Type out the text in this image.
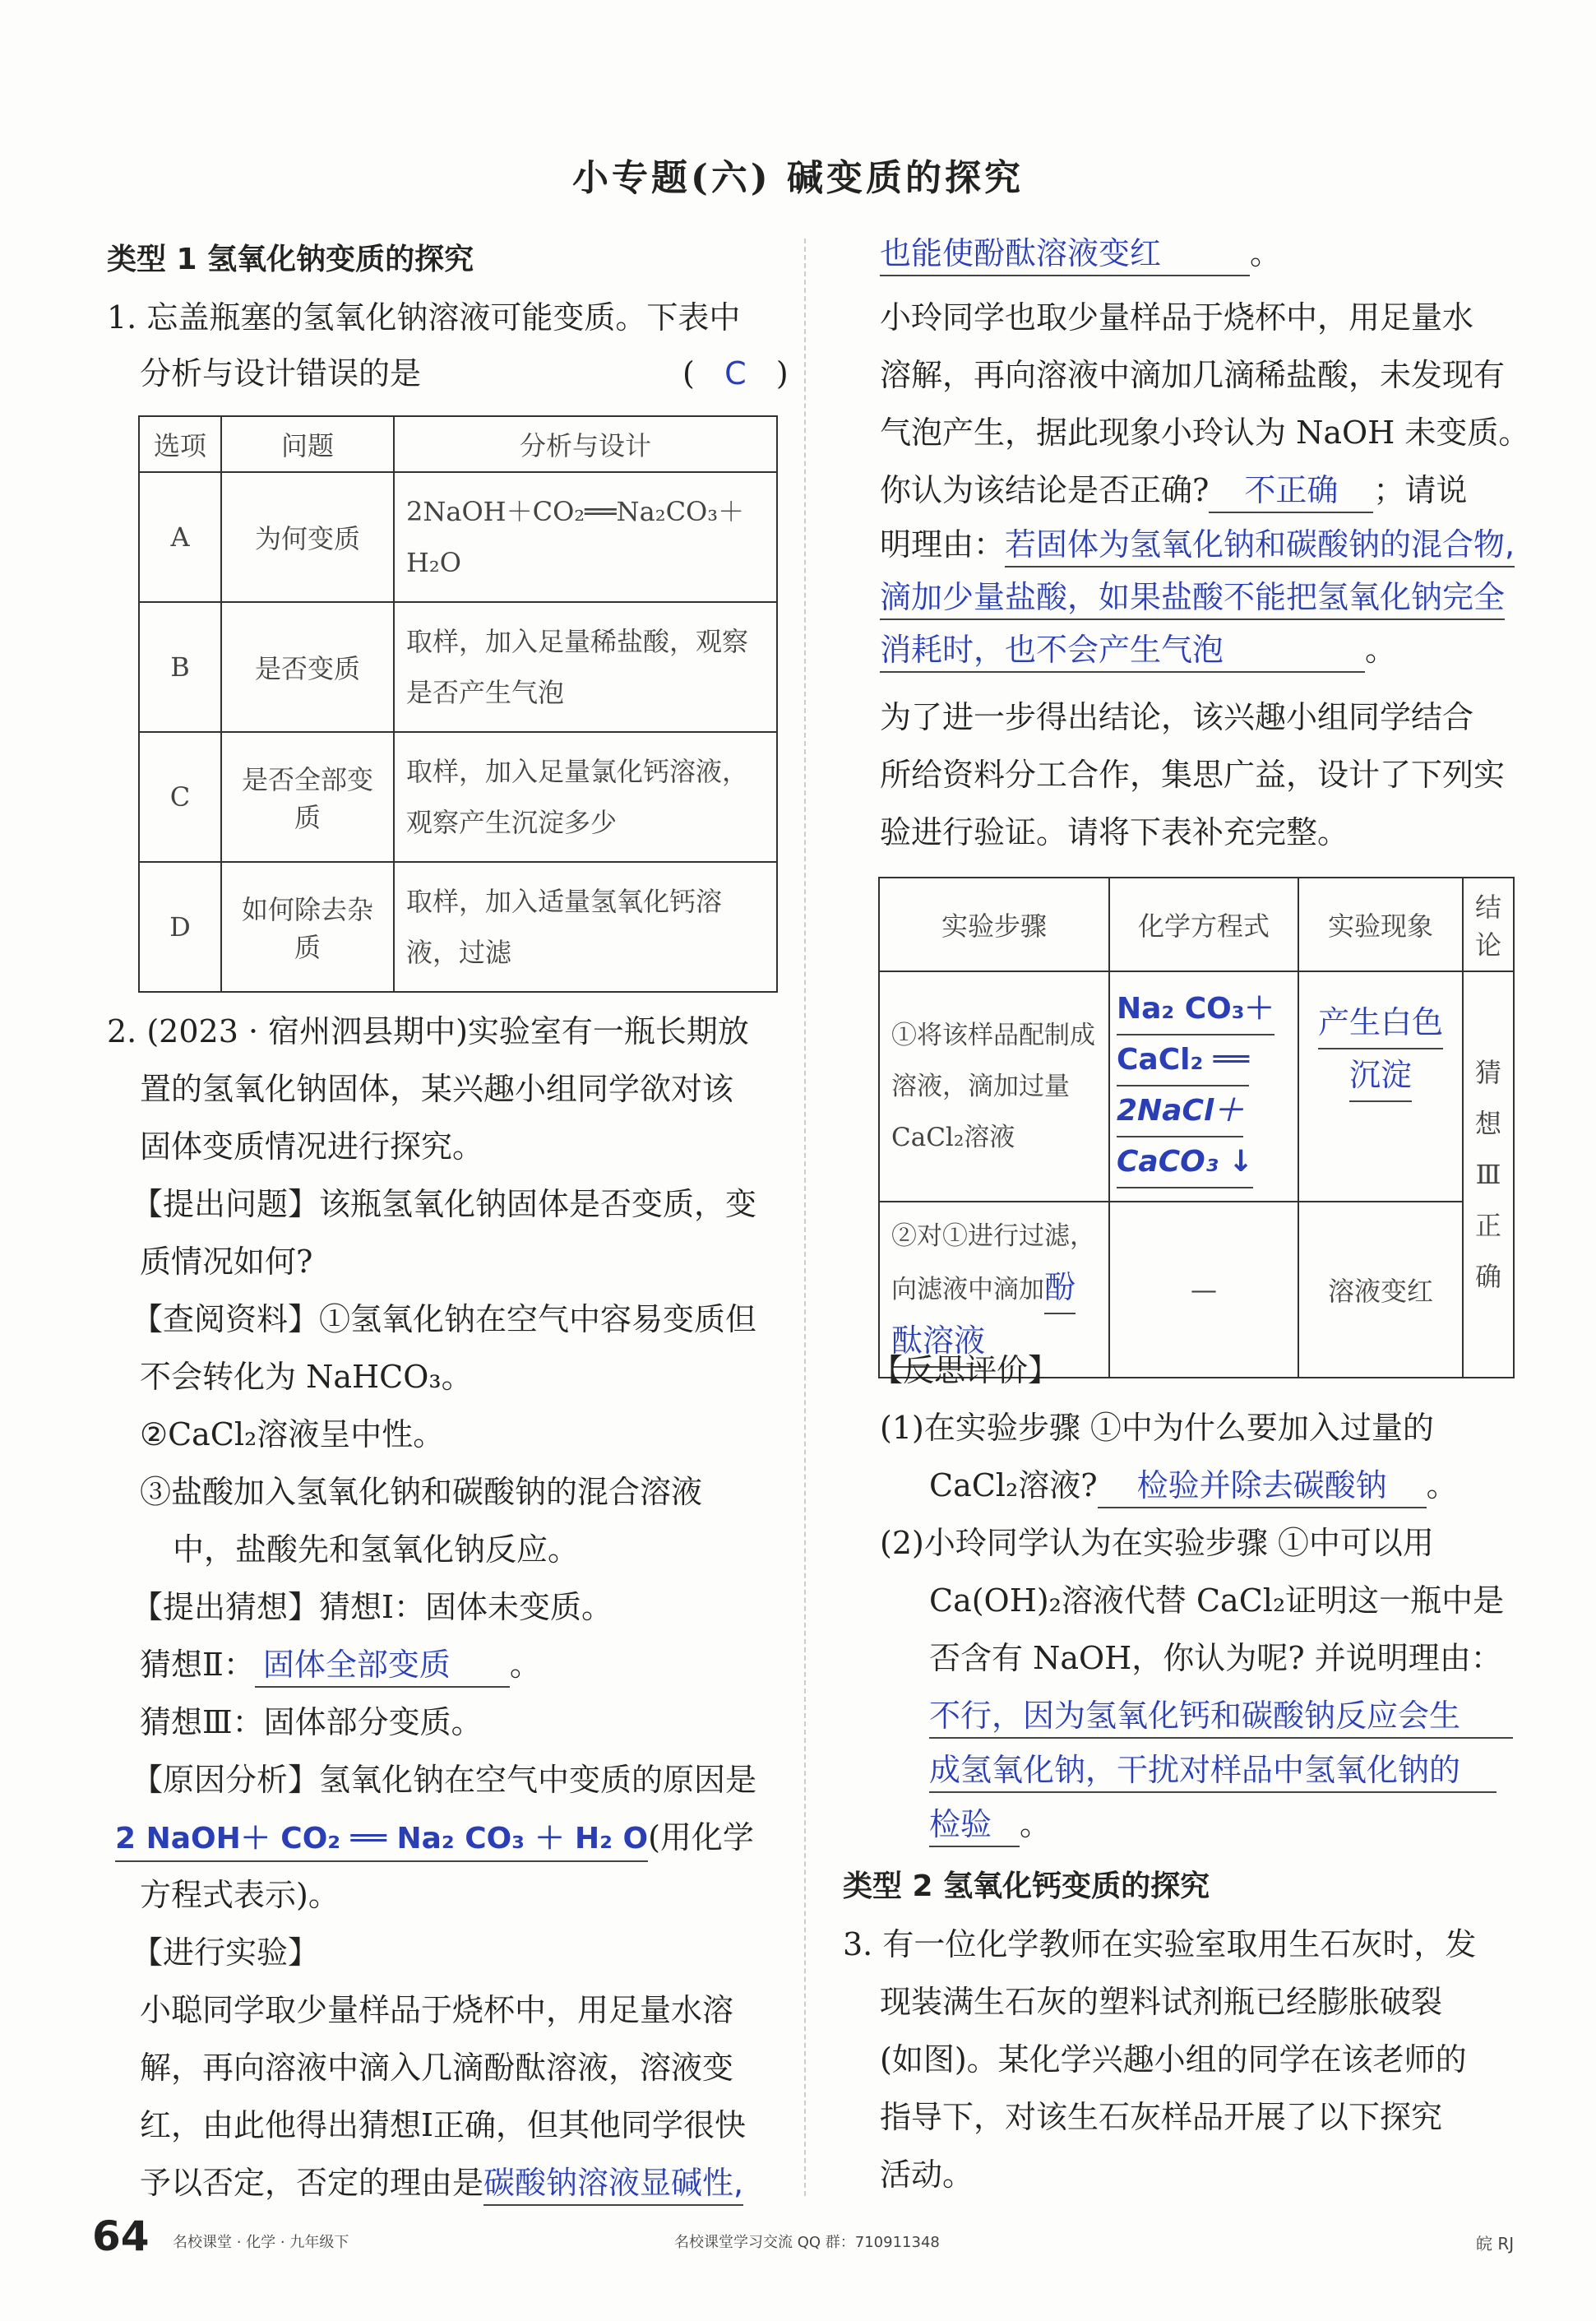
小专题(六) 碱变质的探究
类型 1 氢氧化钠变质的探究
1. 忘盖瓶塞的氢氧化钠溶液可能变质。下表中
分析与设计错误的是	(   C   )
选项	问题	分析与设计
A	为何变质	2NaOH＋CO₂══Na₂CO₃＋H₂O
B	是否变质	取样，加入足量稀盐酸，观察是否产生气泡
C	是否全部变质	取样，加入足量氯化钙溶液，观察产生沉淀多少
D	如何除去杂质	取样，加入适量氢氧化钙溶液，过滤
2. (2023 · 宿州泗县期中)实验室有一瓶长期放
置的氢氧化钠固体，某兴趣小组同学欲对该
固体变质情况进行探究。
【提出问题】该瓶氢氧化钠固体是否变质，变
质情况如何?
【查阅资料】①氢氧化钠在空气中容易变质但
不会转化为 NaHCO₃。
②CaCl₂溶液呈中性。
③盐酸加入氢氧化钠和碳酸钠的混合溶液
中，盐酸先和氢氧化钠反应。
【提出猜想】猜想Ⅰ：固体未变质。
猜想Ⅱ： 固体全部变质 。
猜想Ⅲ：固体部分变质。
【原因分析】氢氧化钠在空气中变质的原因是
2 NaOH＋ CO₂ ══ Na₂ CO₃ ＋ H₂ O(用化学
方程式表示)。
【进行实验】
小聪同学取少量样品于烧杯中，用足量水溶
解，再向溶液中滴入几滴酚酞溶液，溶液变
红，由此他得出猜想Ⅰ正确，但其他同学很快
予以否定，否定的理由是碳酸钠溶液显碱性,
也能使酚酞溶液变红	。
小玲同学也取少量样品于烧杯中，用足量水
溶解，再向溶液中滴加几滴稀盐酸，未发现有
气泡产生，据此现象小玲认为 NaOH 未变质。
你认为该结论是否正确? 不正确 ；请说
明理由：若固体为氢氧化钠和碳酸钠的混合物,
滴加少量盐酸，如果盐酸不能把氢氧化钠完全
消耗时，也不会产生气泡	。
为了进一步得出结论，该兴趣小组同学结合
所给资料分工合作，集思广益，设计了下列实
验进行验证。请将下表补充完整。
实验步骤	化学方程式	实验现象	结论
①将该样品配制成溶液，滴加过量CaCl₂溶液	Na₂ CO₃＋ CaCl₂ ══ 2NaCl＋ CaCO₃ ↓	产生白色 沉淀	猜想Ⅲ正确
②对①进行过滤，向滤液中滴加酚
酞溶液	—	溶液变红	
【反思评价】
(1)在实验步骤 ①中为什么要加入过量的
CaCl₂溶液? 检验并除去碳酸钠 。
(2)小玲同学认为在实验步骤 ①中可以用
Ca(OH)₂溶液代替 CaCl₂证明这一瓶中是
否含有 NaOH，你认为呢? 并说明理由：
不行，因为氢氧化钙和碳酸钠反应会生
成氢氧化钠，干扰对样品中氢氧化钠的
检验 。
类型 2 氢氧化钙变质的探究
3. 有一位化学教师在实验室取用生石灰时，发
现装满生石灰的塑料试剂瓶已经膨胀破裂
(如图)。某化学兴趣小组的同学在该老师的
指导下，对该生石灰样品开展了以下探究
活动。
64 名校课堂 · 化学 · 九年级下	名校课堂学习交流 QQ 群：710911348	皖 RJ
